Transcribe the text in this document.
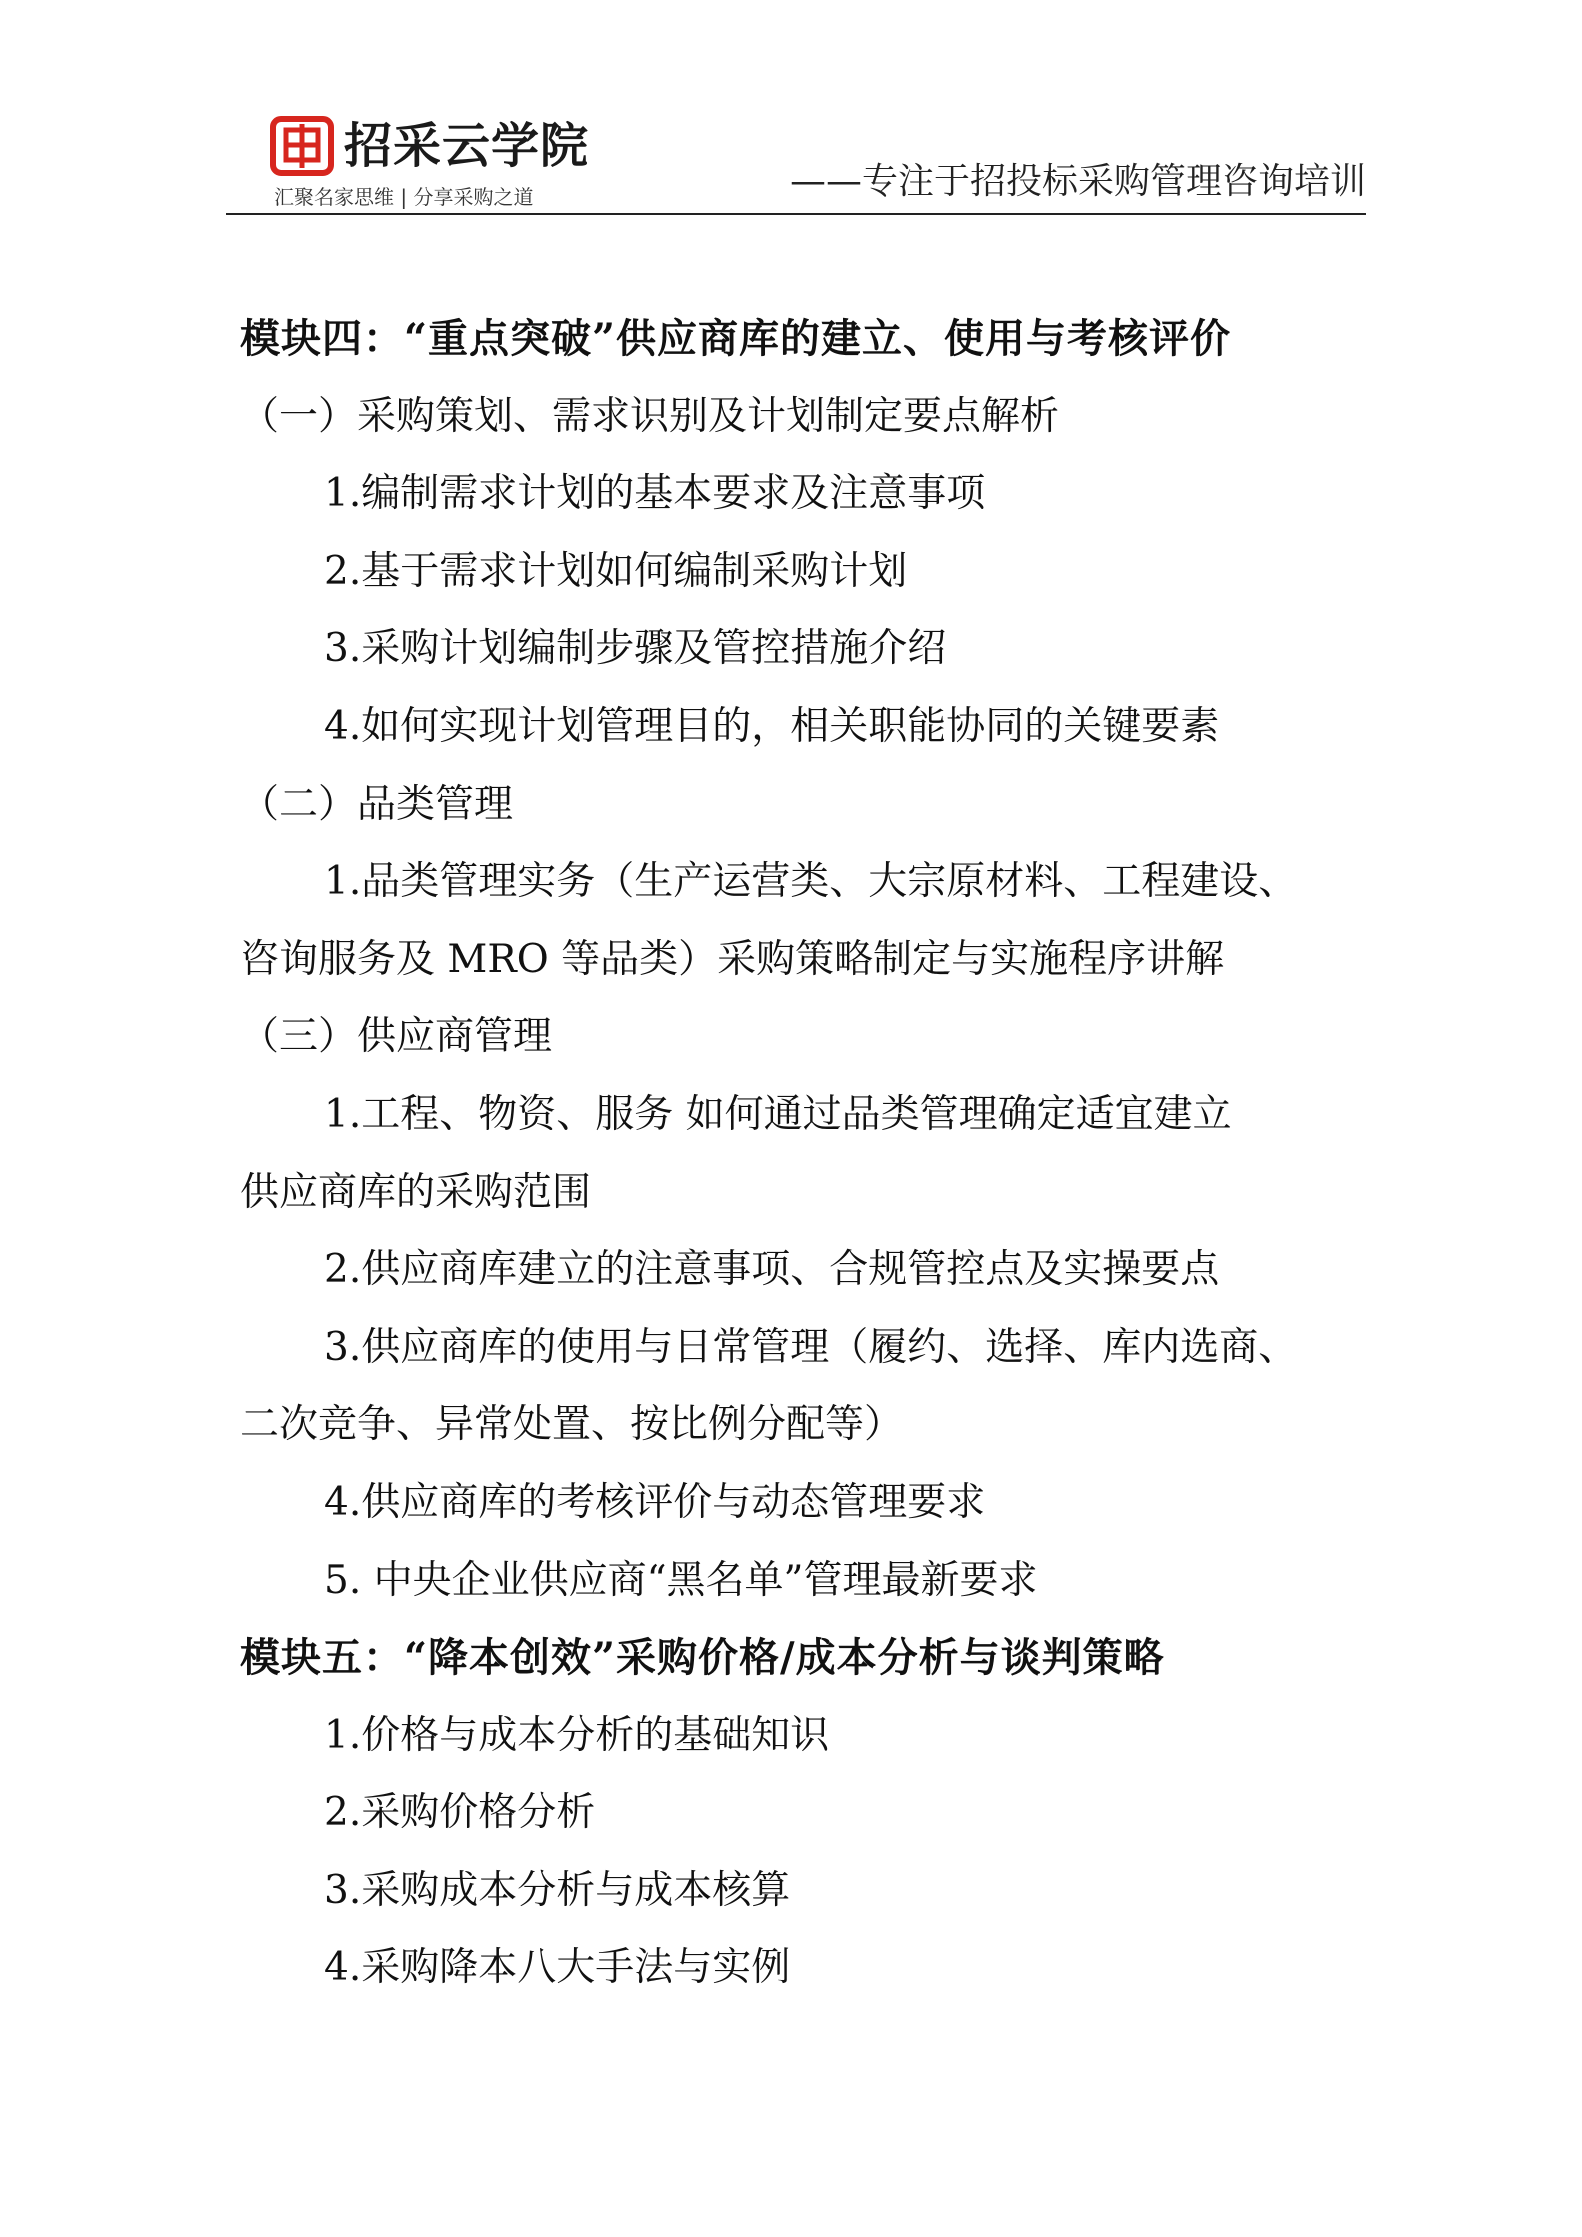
招采云学院
汇聚名家思维 | 分享采购之道	——专注于招投标采购管理咨询培训
模块四：“重点突破”供应商库的建立、使用与考核评价
（一）采购策划、需求识别及计划制定要点解析
1.编制需求计划的基本要求及注意事项
2.基于需求计划如何编制采购计划
3.采购计划编制步骤及管控措施介绍
4.如何实现计划管理目的，相关职能协同的关键要素
（二）品类管理
1.品类管理实务（生产运营类、大宗原材料、工程建设、
咨询服务及 MRO 等品类）采购策略制定与实施程序讲解
（三）供应商管理
1.工程、物资、服务 如何通过品类管理确定适宜建立
供应商库的采购范围
2.供应商库建立的注意事项、合规管控点及实操要点
3.供应商库的使用与日常管理（履约、选择、库内选商、
二次竞争、异常处置、按比例分配等）
4.供应商库的考核评价与动态管理要求
5. 中央企业供应商“黑名单”管理最新要求
模块五：“降本创效”采购价格/成本分析与谈判策略
1.价格与成本分析的基础知识
2.采购价格分析
3.采购成本分析与成本核算
4.采购降本八大手法与实例
